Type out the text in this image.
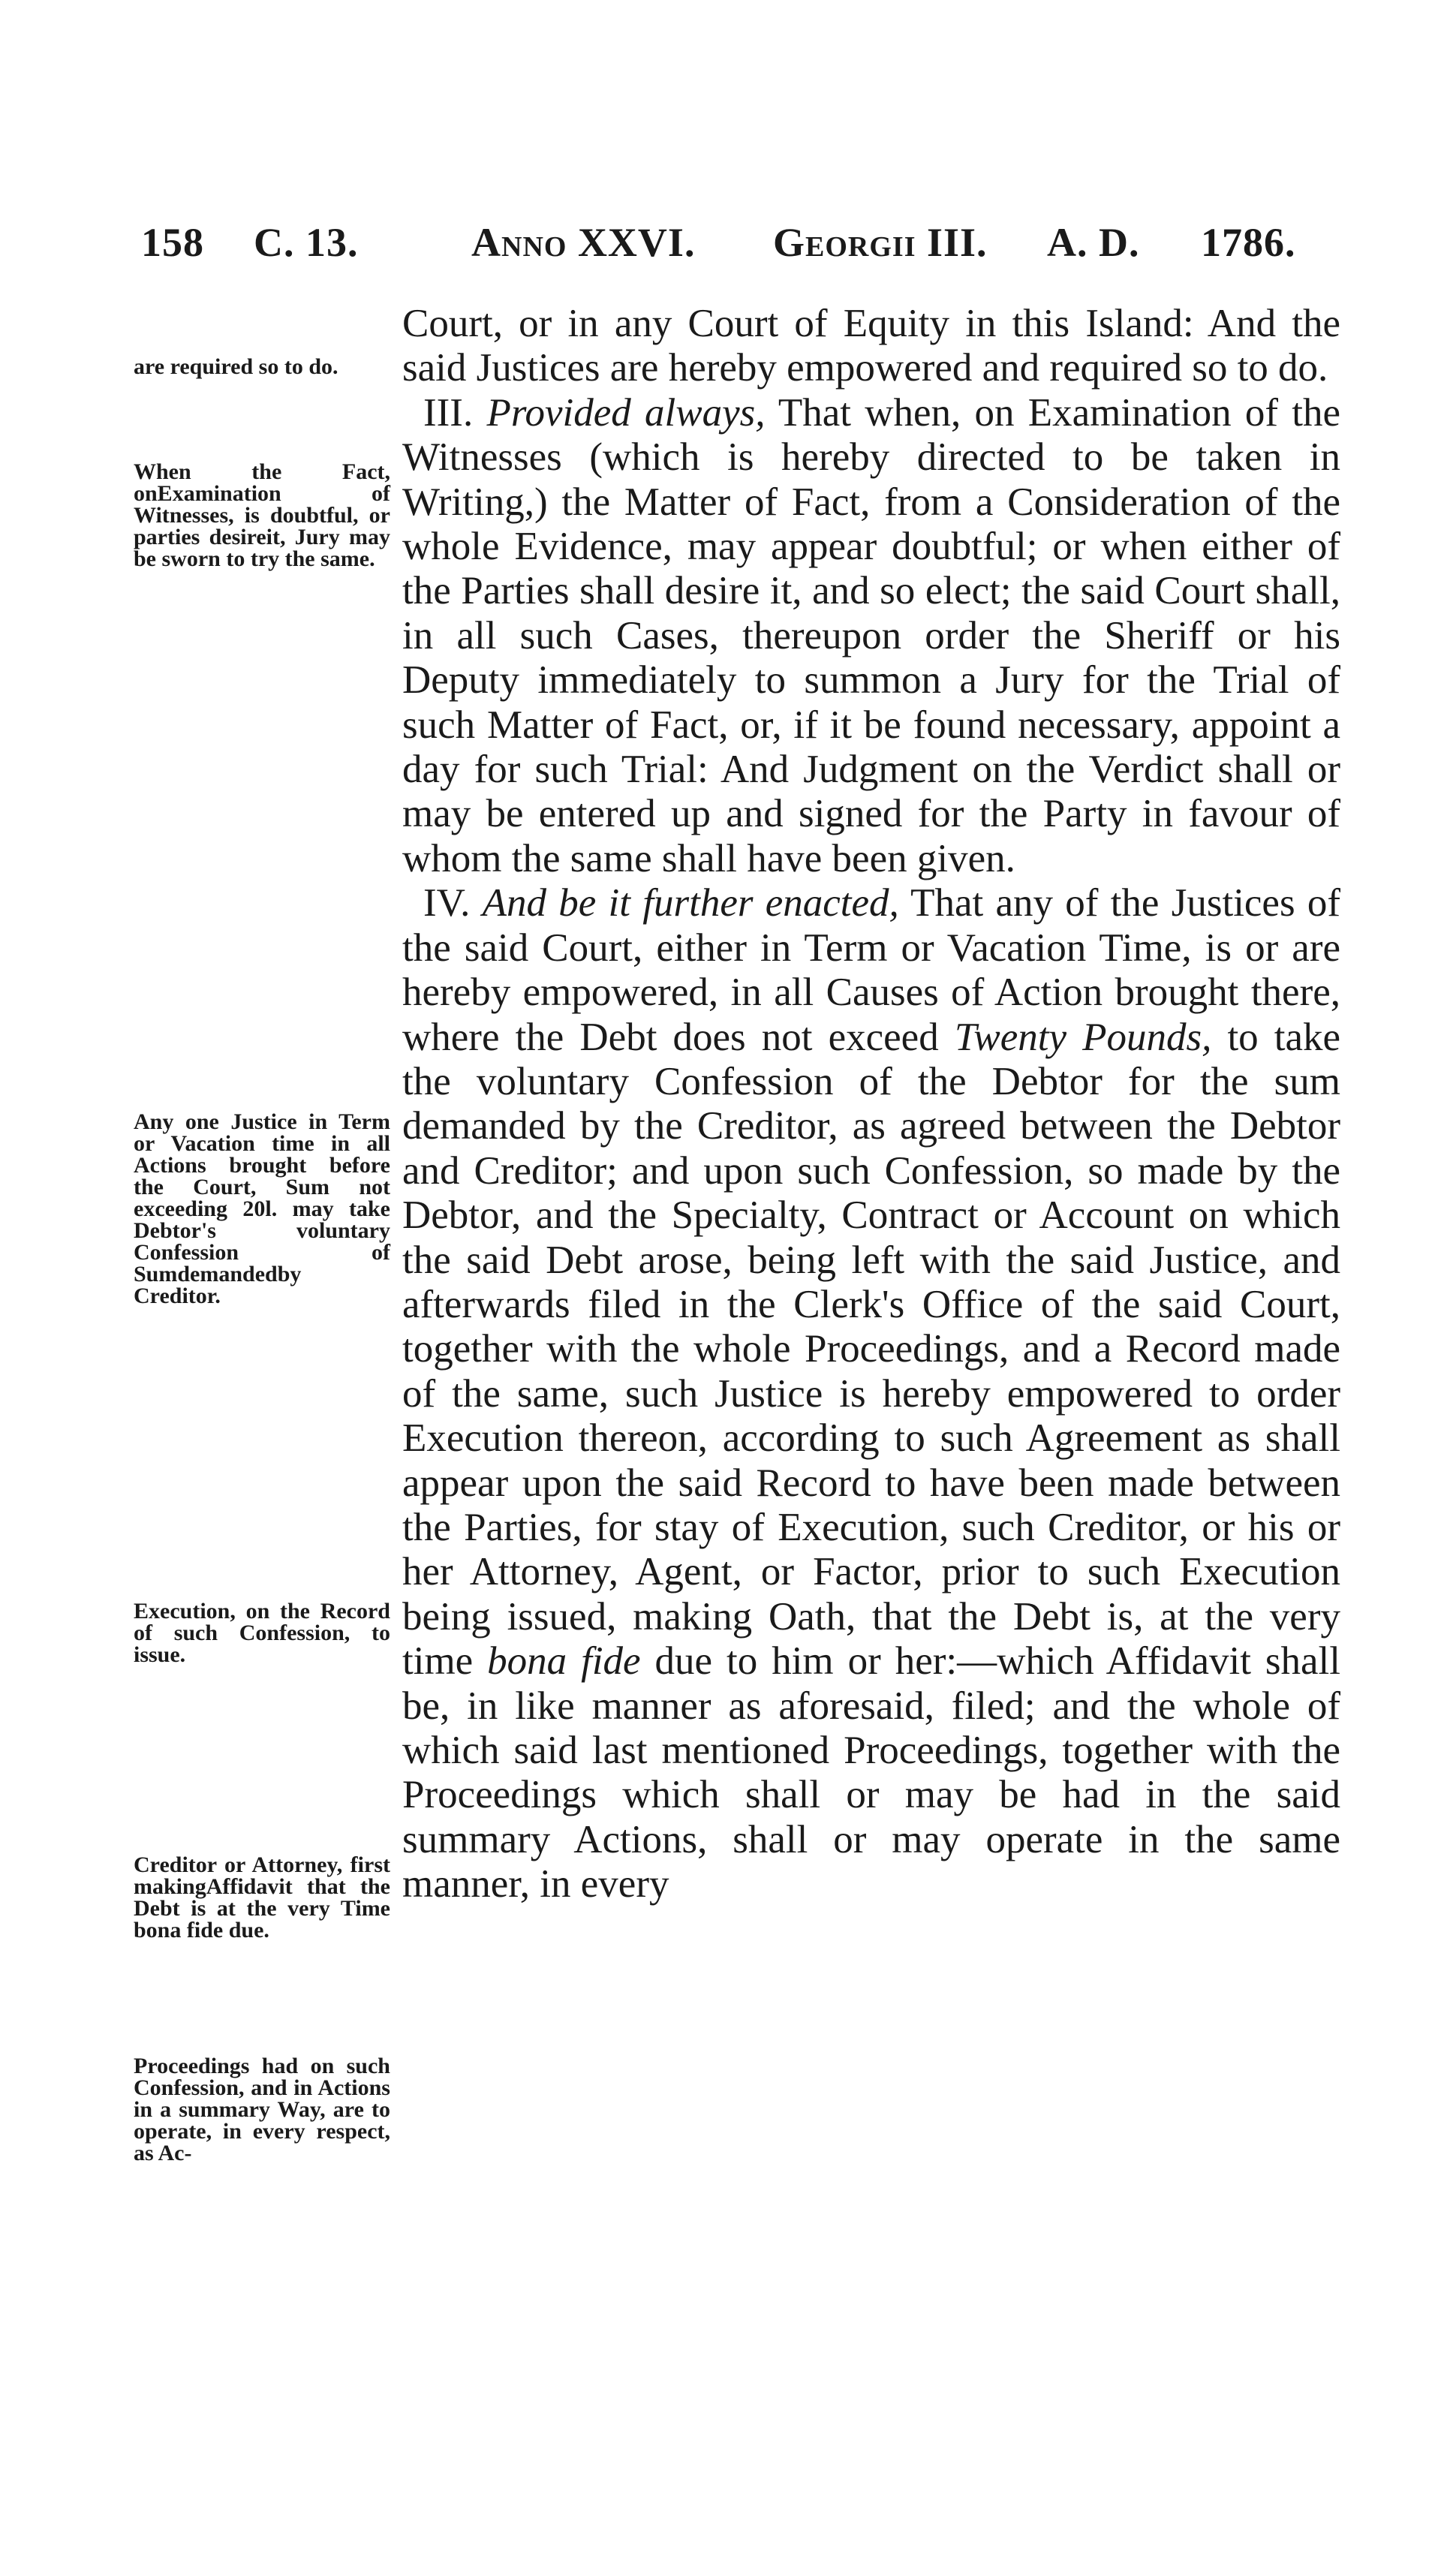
158 C. 13.	Anno XXVI. Georgii III. A. D. 1786.
are required so to do.
When the Fact, onExamination of Witnesses, is doubtful, or parties desireit, Jury may be sworn to try the same.
Any one Justice in Term or Vacation time in all Actions brought before the Court, Sum not exceeding 20l. may take Debtor's voluntary Confession of Sumdemandedby Creditor.
Execution, on the Record of such Confession, to issue.
Creditor or Attorney, first makingAffidavit that the Debt is at the very Time bona fide due.
Proceedings had on such Confession, and in Actions in a summary Way, are to operate, in every respect, as Ac-

Court, or in any Court of Equity in this Island: And the said Justices are hereby empowered and required so to do.

III. Provided always, That when, on Examination of the Witnesses (which is hereby directed to be taken in Writing,) the Matter of Fact, from a Consideration of the whole Evidence, may appear doubtful; or when either of the Parties shall desire it, and so elect; the said Court shall, in all such Cases, thereupon order the Sheriff or his Deputy immediately to summon a Jury for the Trial of such Matter of Fact, or, if it be found necessary, appoint a day for such Trial: And Judgment on the Verdict shall or may be entered up and signed for the Party in favour of whom the same shall have been given.

IV. And be it further enacted, That any of the Justices of the said Court, either in Term or Vacation Time, is or are hereby empowered, in all Causes of Action brought there, where the Debt does not exceed Twenty Pounds, to take the voluntary Confession of the Debtor for the sum demanded by the Creditor, as agreed between the Debtor and Creditor; and upon such Confession, so made by the Debtor, and the Specialty, Contract or Account on which the said Debt arose, being left with the said Justice, and afterwards filed in the Clerk's Office of the said Court, together with the whole Proceedings, and a Record made of the same, such Justice is hereby empowered to order Execution thereon, according to such Agreement as shall appear upon the said Record to have been made between the Parties, for stay of Execution, such Creditor, or his or her Attorney, Agent, or Factor, prior to such Execution being issued, making Oath, that the Debt is, at the very time bona fide due to him or her:—which Affidavit shall be, in like manner as aforesaid, filed; and the whole of which said last mentioned Proceedings, together with the Proceedings which shall or may be had in the said summary Actions, shall or may operate in the same manner, in every
